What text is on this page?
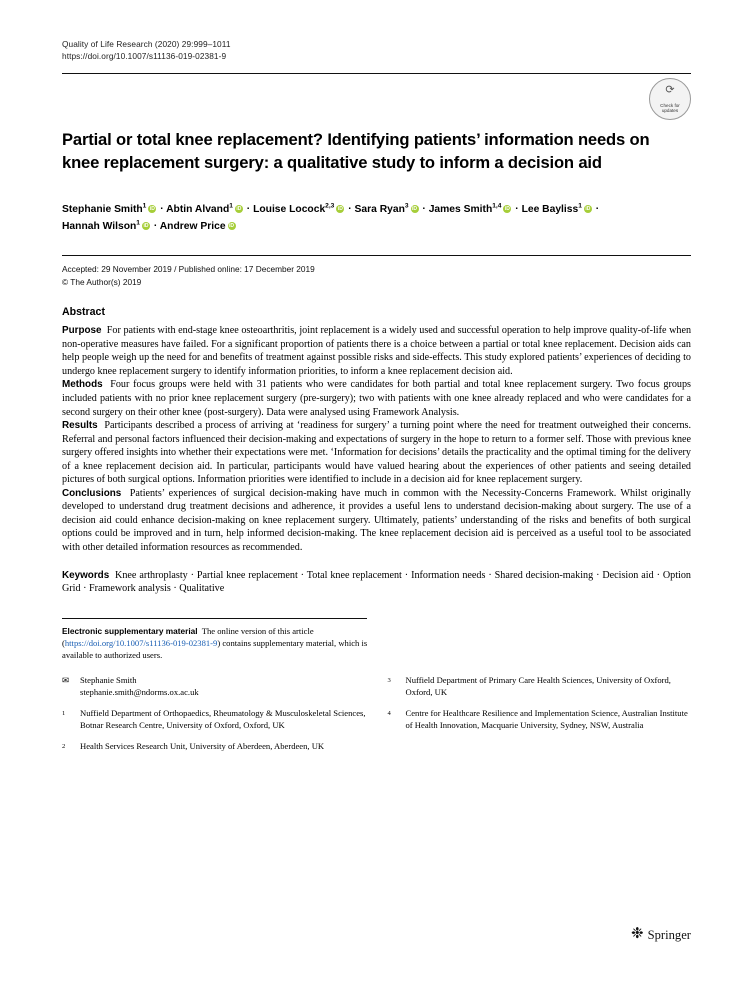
Quality of Life Research (2020) 29:999–1011
https://doi.org/10.1007/s11136-019-02381-9
⟳
Check for
updates
Partial or total knee replacement? Identifying patients’ information needs on knee replacement surgery: a qualitative study to inform a decision aid
Stephanie Smith$^1$iD · Abtin Alvand$^1$iD · Louise Locock$^{2,3}$iD · Sara Ryan$^3$iD · James Smith$^{1,4}$iD · Lee Bayliss$^1$iD ·
Hannah Wilson$^1$iD · Andrew PriceiD
Accepted: 29 November 2019 / Published online: 17 December 2019
© The Author(s) 2019
Abstract

Purpose For patients with end-stage knee osteoarthritis, joint replacement is a widely used and successful operation to help improve quality-of-life when non-operative measures have failed. For a significant proportion of patients there is a choice between a partial or total knee replacement. Decision aids can help people weigh up the need for and benefits of treatment against possible risks and side-effects. This study explored patients’ experiences of deciding to undergo knee replacement surgery to identify information priorities, to inform a knee replacement decision aid.

Methods Four focus groups were held with 31 patients who were candidates for both partial and total knee replacement surgery. Two focus groups included patients with no prior knee replacement surgery (pre-surgery); two with patients with one knee already replaced and who were candidates for a second surgery on their other knee (post-surgery). Data were analysed using Framework Analysis.

Results Participants described a process of arriving at ‘readiness for surgery’ a turning point where the need for treatment outweighed their concerns. Referral and personal factors influenced their decision-making and expectations of surgery in the hope to return to a former self. Those with previous knee surgery offered insights into whether their expectations were met. ‘Information for decisions’ details the practicality and the optimal timing for the delivery of a knee replacement decision aid. In particular, participants would have valued hearing about the experiences of other patients and seeing detailed pictures of both surgical options. Information priorities were identified to include in a decision aid for knee replacement surgery.

Conclusions Patients’ experiences of surgical decision-making have much in common with the Necessity-Concerns Framework. Whilst originally developed to understand drug treatment decisions and adherence, it provides a useful lens to understand decision-making about surgery. The use of a decision aid could enhance decision-making on knee replacement surgery. Ultimately, patients’ understanding of the risks and benefits of both surgical options could be improved and in turn, help informed decision-making. The knee replacement decision aid is perceived as a useful tool to be associated with other detailed information resources as recommended.

Keywords Knee arthroplasty · Partial knee replacement · Total knee replacement · Information needs · Shared decision-making · Decision aid · Option Grid · Framework analysis · Qualitative
Electronic supplementary material The online version of this article (https://doi.org/10.1007/s11136-019-02381-9) contains supplementary material, which is available to authorized users.
✉	Stephanie Smith
stephanie.smith@ndorms.ox.ac.uk
1	Nuffield Department of Orthopaedics, Rheumatology & Musculoskeletal Sciences, Botnar Research Centre, University of Oxford, Oxford, UK
2	Health Services Research Unit, University of Aberdeen, Aberdeen, UK
3	Nuffield Department of Primary Care Health Sciences, University of Oxford, Oxford, UK
4	Centre for Healthcare Resilience and Implementation Science, Australian Institute of Health Innovation, Macquarie University, Sydney, NSW, Australia
❉ Springer
